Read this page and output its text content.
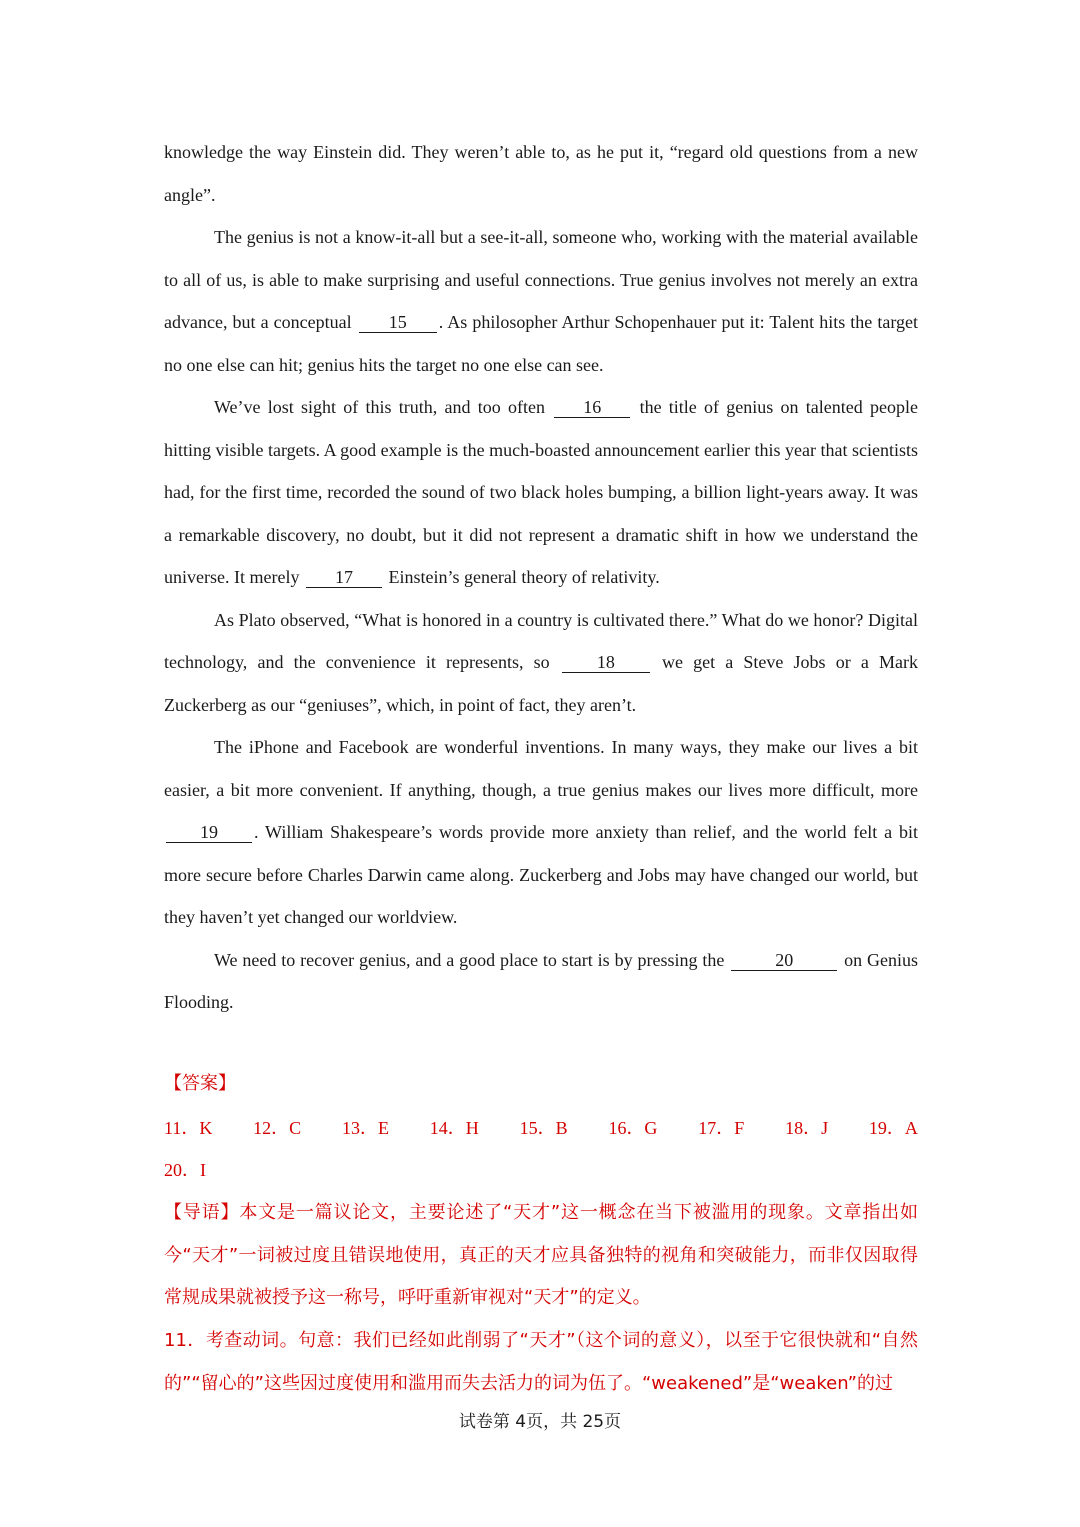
knowledge the way Einstein did. They weren’t able to, as he put it, “regard old questions from a new angle”.

The genius is not a know-it-all but a see-it-all, someone who, working with the material available to all of us, is able to make surprising and useful connections. True genius involves not merely an extra advance, but a conceptual 15 . As philosopher Arthur Schopenhauer put it: Talent hits the target no one else can hit; genius hits the target no one else can see.

We’ve lost sight of this truth, and too often 16 the title of genius on talented people hitting visible targets. A good example is the much-boasted announcement earlier this year that scientists had, for the first time, recorded the sound of two black holes bumping, a billion light-years away. It was a remarkable discovery, no doubt, but it did not represent a dramatic shift in how we understand the universe. It merely 17 Einstein’s general theory of relativity.

As Plato observed, “What is honored in a country is cultivated there.” What do we honor? Digital technology, and the convenience it represents, so	18	we get a Steve Jobs or a Mark Zuckerberg as our “geniuses”, which, in point of fact, they aren’t.

The iPhone and Facebook are wonderful inventions. In many ways, they make our lives a bit easier, a bit more convenient. If anything, though, a true genius makes our lives more difficult, more 19 . William Shakespeare’s words provide more anxiety than relief, and the world felt a bit more secure before Charles Darwin came along. Zuckerberg and Jobs may have changed our world, but they haven’t yet changed our worldview.

We need to recover genius, and a good place to start is by pressing the	20	on Genius Flooding.

【答案】
11．K 12．C 13．E 14．H 15．B 16．G 17．F 18．J 19．A
20．I
【导语】本文是一篇议论文，主要论述了“天才”这一概念在当下被滥用的现象。文章指出如今“天才”一词被过度且错误地使用，真正的天才应具备独特的视角和突破能力，而非仅因取得常规成果就被授予这一称号，呼吁重新审视对“天才”的定义。
11．考查动词。句意：我们已经如此削弱了“天才”（这个词的意义），以至于它很快就和“自然的”“留心的”这些因过度使用和滥用而失去活力的词为伍了。“weakened”是“weaken”的过
试卷第 4页，共 25页
